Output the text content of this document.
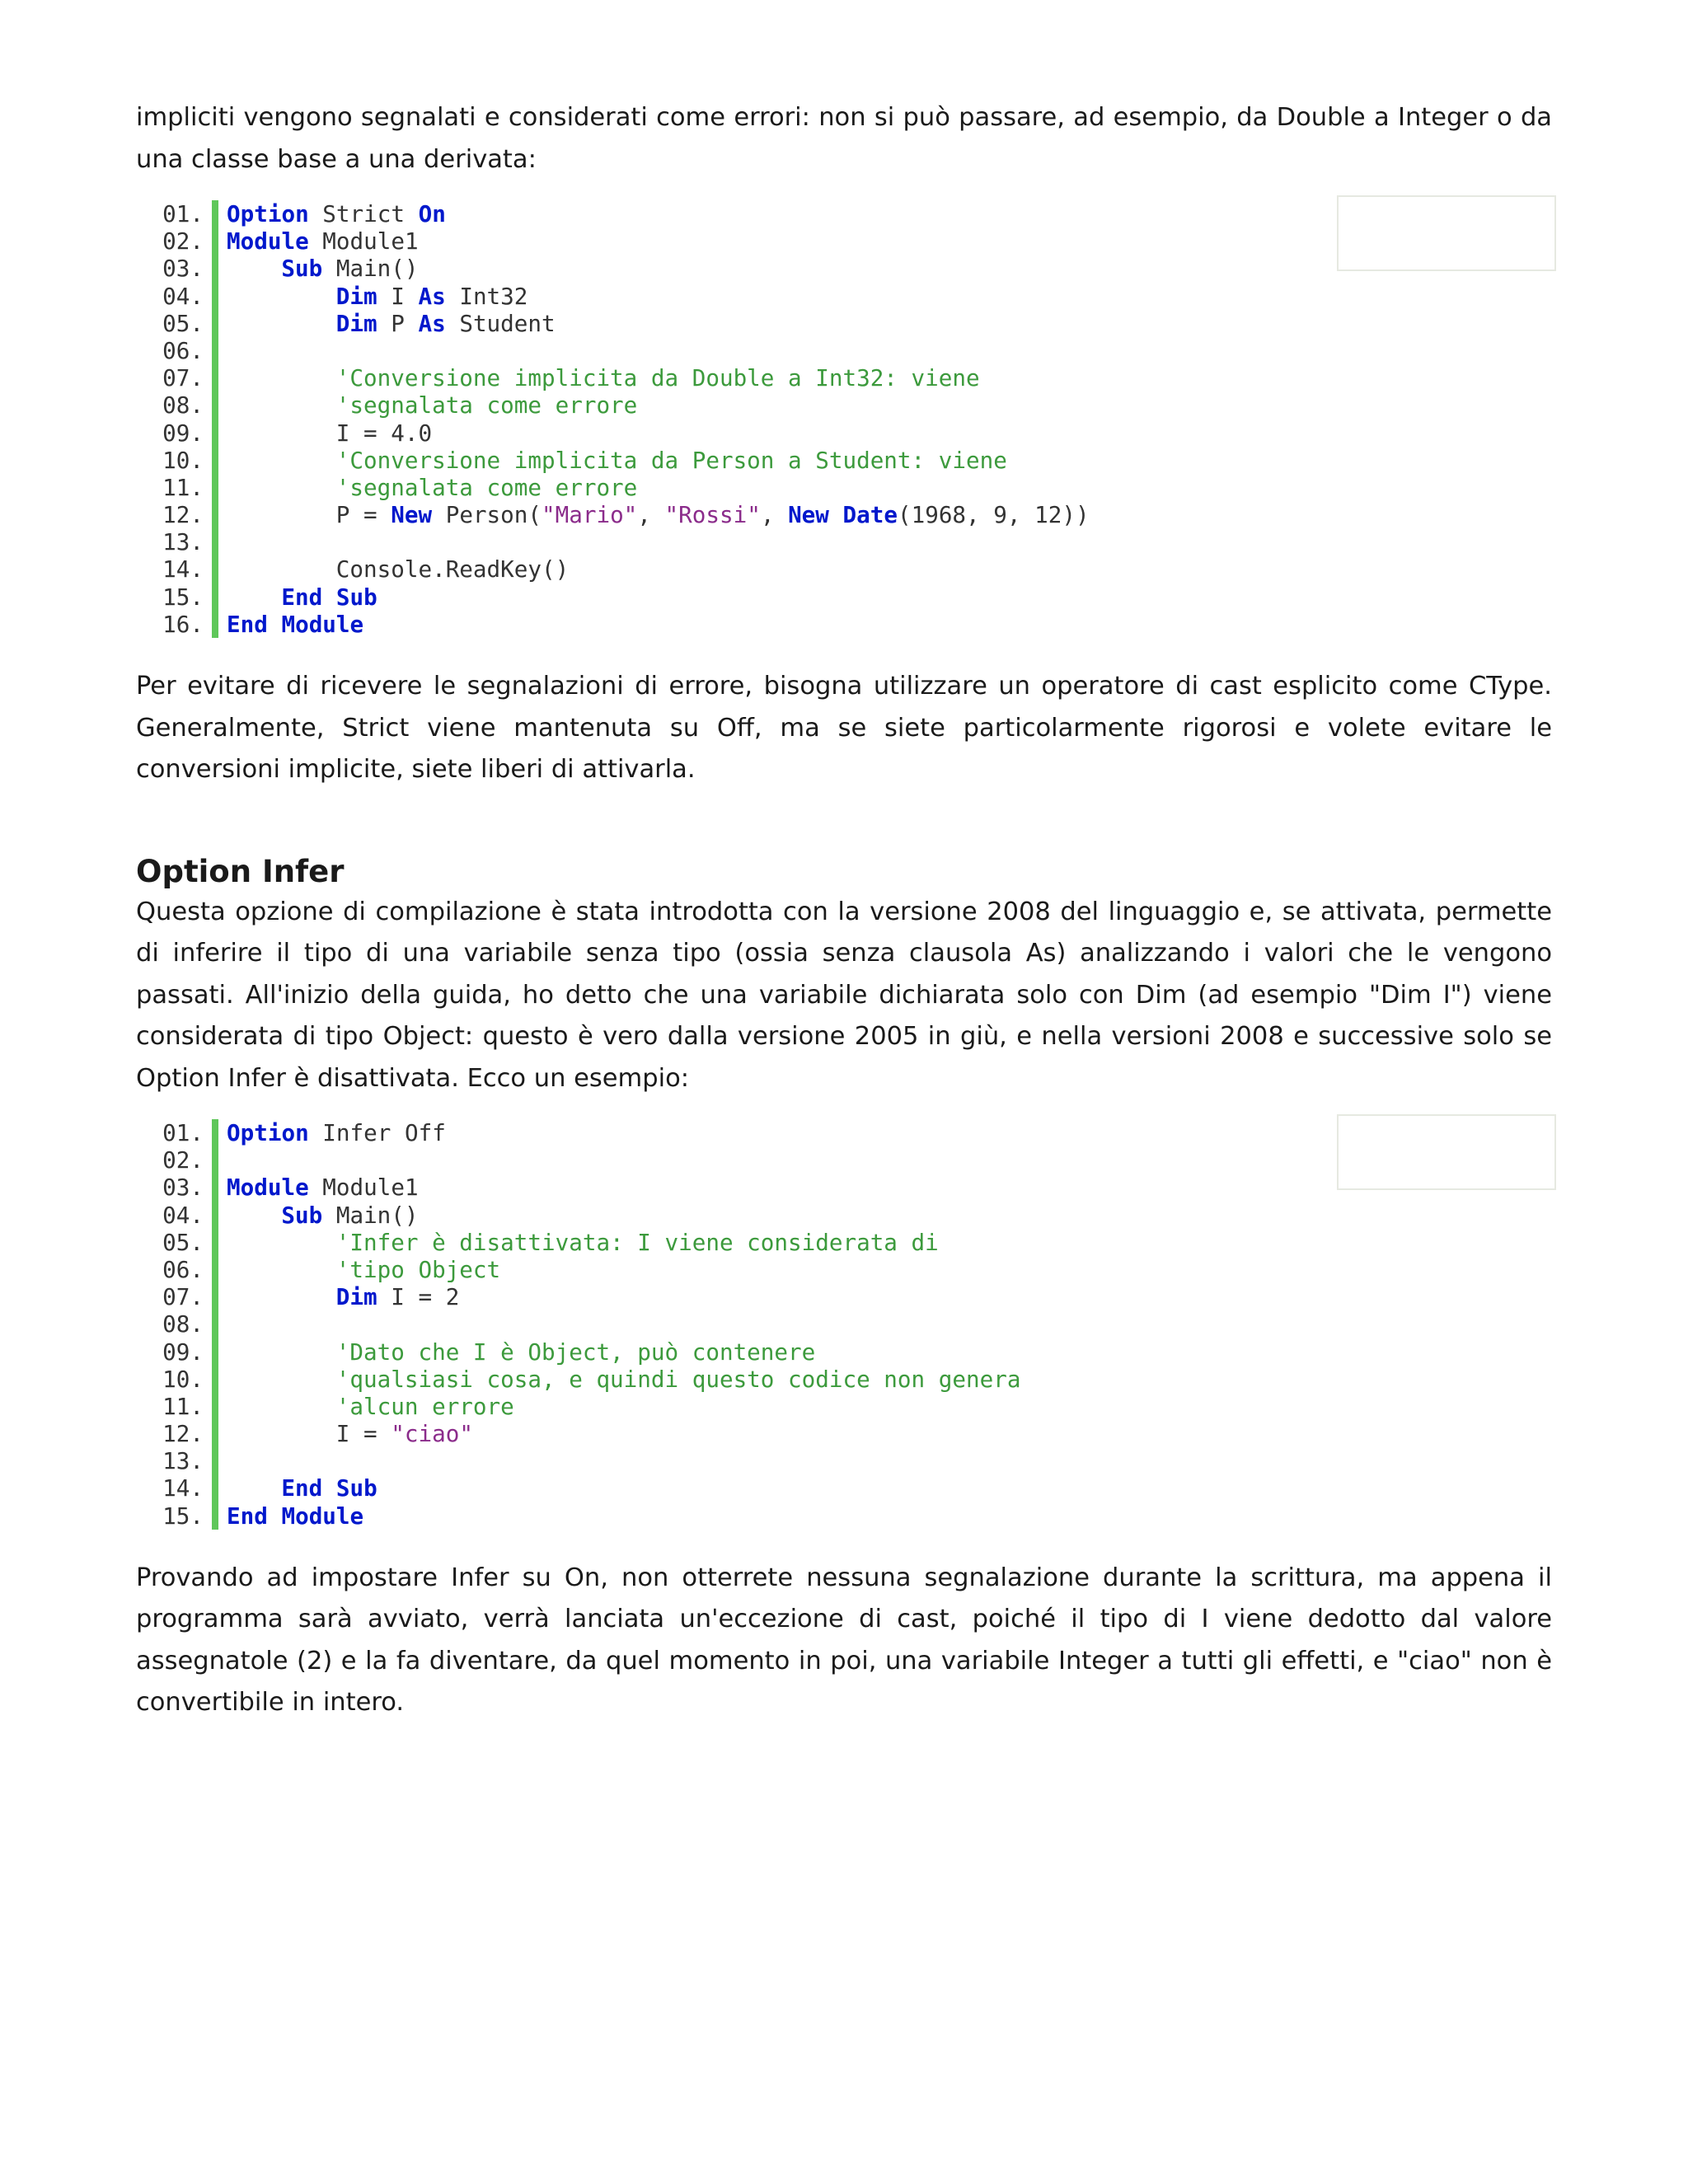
impliciti vengono segnalati e considerati come errori: non si può passare, ad esempio, da Double a Integer o da una classe base a una derivata:

01.	Option Strict On
02.	Module Module1
03.	Sub Main()
04.	Dim I As Int32
05.	Dim P As Student
06.
07.	'Conversione implicita da Double a Int32: viene
08.	'segnalata come errore
09.	I = 4.0
10.	'Conversione implicita da Person a Student: viene
11.	'segnalata come errore
12.	P = New Person("Mario", "Rossi", New Date(1968, 9, 12))
13.
14.	Console.ReadKey()
15.	End Sub
16.	End Module

Per evitare di ricevere le segnalazioni di errore, bisogna utilizzare un operatore di cast esplicito come CType. Generalmente, Strict viene mantenuta su Off, ma se siete particolarmente rigorosi e volete evitare le conversioni implicite, siete liberi di attivarla.

Option Infer

Questa opzione di compilazione è stata introdotta con la versione 2008 del linguaggio e, se attivata, permette di inferire il tipo di una variabile senza tipo (ossia senza clausola As) analizzando i valori che le vengono passati. All'inizio della guida, ho detto che una variabile dichiarata solo con Dim (ad esempio "Dim I") viene considerata di tipo Object: questo è vero dalla versione 2005 in giù, e nella versioni 2008 e successive solo se Option Infer è disattivata. Ecco un esempio:

01.	Option Infer Off
02.
03.	Module Module1
04.	Sub Main()
05.	'Infer è disattivata: I viene considerata di
06.	'tipo Object
07.	Dim I = 2
08.
09.	'Dato che I è Object, può contenere
10.	'qualsiasi cosa, e quindi questo codice non genera
11.	'alcun errore
12.	I = "ciao"
13.
14.	End Sub
15.	End Module

Provando ad impostare Infer su On, non otterrete nessuna segnalazione durante la scrittura, ma appena il programma sarà avviato, verrà lanciata un'eccezione di cast, poiché il tipo di I viene dedotto dal valore assegnatole (2) e la fa diventare, da quel momento in poi, una variabile Integer a tutti gli effetti, e "ciao" non è convertibile in intero.
